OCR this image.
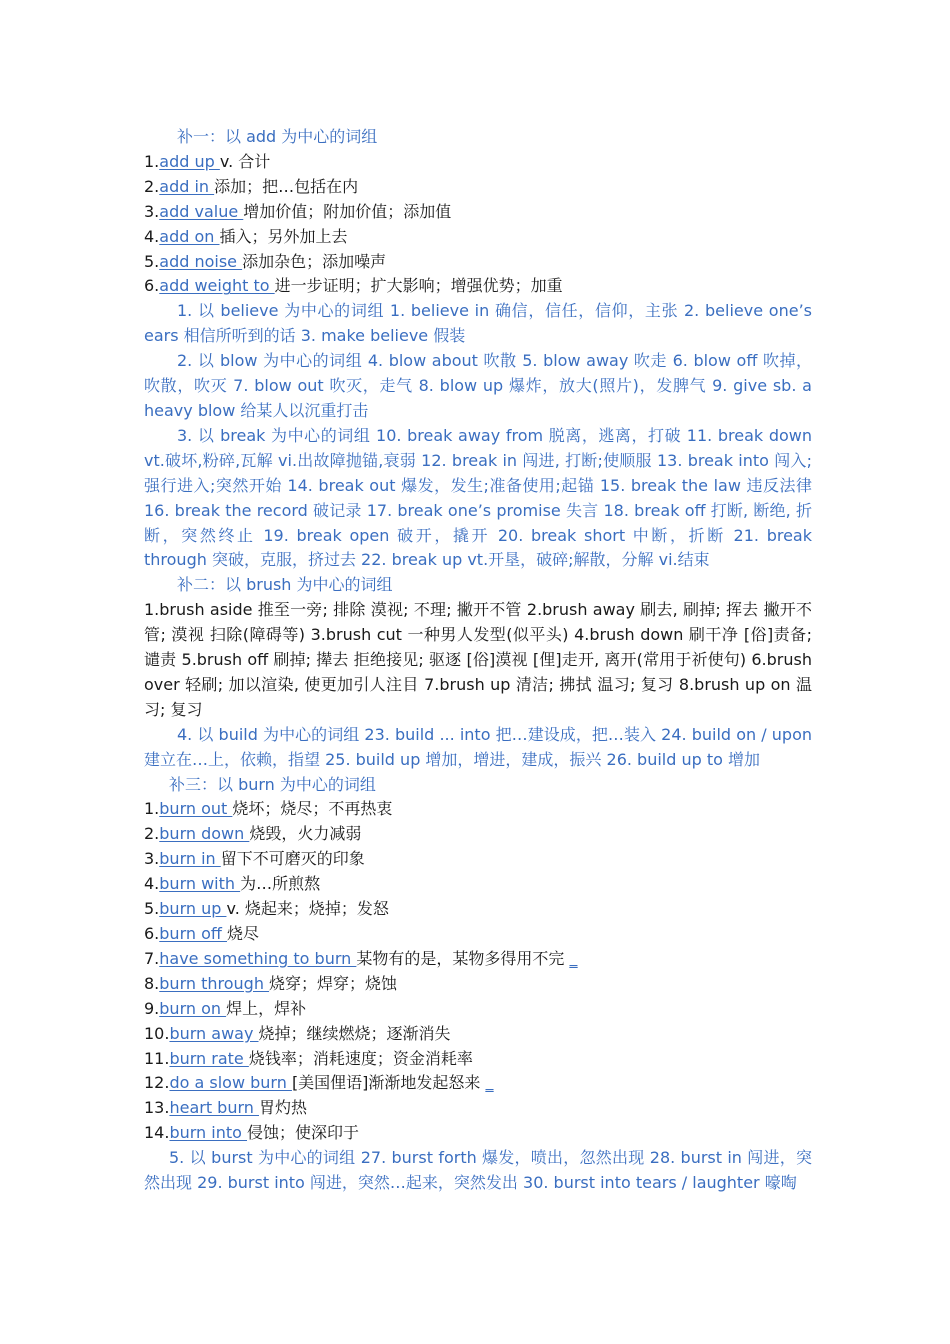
补一：以 add 为中心的词组
1.add up v. 合计
2.add in 添加；把…包括在内
3.add value 增加价值；附加价值；添加值
4.add on 插入；另外加上去
5.add noise 添加杂色；添加噪声
6.add weight to 进一步证明；扩大影响；增强优势；加重
1. 以 believe 为中心的词组 1. believe in 确信，信任，信仰，主张 2. believe one’s ears 相信所听到的话 3. make believe 假装
2. 以 blow 为中心的词组 4. blow about 吹散 5. blow away 吹走 6. blow off 吹掉，吹散，吹灭 7. blow out 吹灭，走气 8. blow up 爆炸，放大(照片)，发脾气 9. give sb. a heavy blow 给某人以沉重打击
3. 以 break 为中心的词组 10. break away from 脱离，逃离，打破 11. break down vt.破坏,粉碎,瓦解 vi.出故障抛锚,衰弱 12. break in 闯进, 打断;使顺服 13. break into 闯入;强行进入;突然开始 14. break out 爆发，发生;准备使用;起锚 15. break the law 违反法律 16. break the record 破记录 17. break one’s promise 失言 18. break off 打断, 断绝, 折断，突然终止 19. break open 破开，撬开 20. break short 中断，折断 21. break through 突破，克服，挤过去 22. break up vt.开垦，破碎;解散，分解 vi.结束
补二：以 brush 为中心的词组
1.brush aside 推至一旁; 排除 漠视; 不理; 撇开不管 2.brush away 刷去, 刷掉; 挥去 撇开不管; 漠视 扫除(障碍等) 3.brush cut 一种男人发型(似平头) 4.brush down 刷干净 [俗]责备; 谴责 5.brush off 刷掉; 撵去 拒绝接见; 驱逐 [俗]漠视 [俚]走开, 离开(常用于祈使句) 6.brush over 轻刷; 加以渲染, 使更加引人注目 7.brush up 清洁; 拂拭 温习; 复习 8.brush up on 温习; 复习
4. 以 build 为中心的词组 23. build ... into 把…建设成，把…装入 24. build on / upon 建立在…上，依赖，指望 25. build up 增加，增进，建成，振兴 26. build up to 增加
补三：以 burn 为中心的词组
1.burn out 烧坏；烧尽；不再热衷
2.burn down 烧毁，火力减弱
3.burn in 留下不可磨灭的印象
4.burn with 为…所煎熬
5.burn up v. 烧起来；烧掉；发怒
6.burn off 烧尽
7.have something to burn 某物有的是，某物多得用不完 _
8.burn through 烧穿；焊穿；烧蚀
9.burn on 焊上，焊补
10.burn away 烧掉；继续燃烧；逐渐消失
11.burn rate 烧钱率；消耗速度；资金消耗率
12.do a slow burn [美国俚语]渐渐地发起怒来 _
13.heart burn 胃灼热
14.burn into 侵蚀；使深印于
5. 以 burst 为中心的词组 27. burst forth 爆发，喷出，忽然出现 28. burst in 闯进，突然出现 29. burst into 闯进，突然…起来，突然发出 30. burst into tears / laughter 嚎啕
